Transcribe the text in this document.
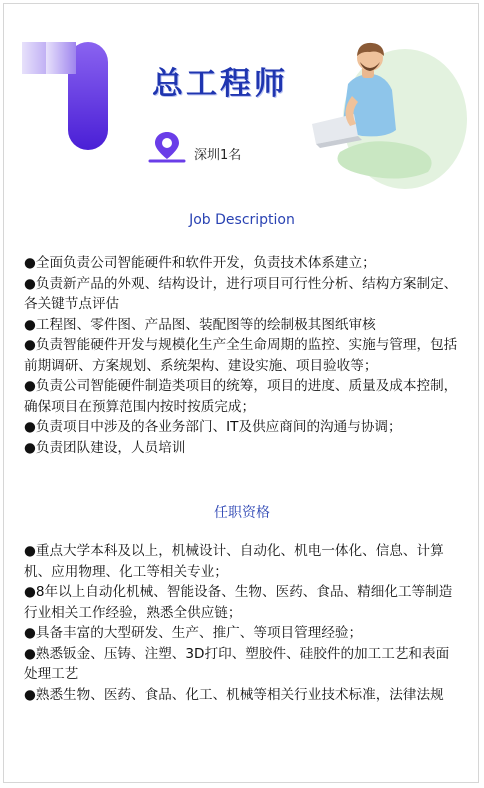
总工程师
深圳1名
Job Description
●全面负责公司智能硬件和软件开发，负责技术体系建立；
●负责新产品的外观、结构设计，进行项目可行性分析、结构方案制定、各关键节点评估
●工程图、零件图、产品图、装配图等的绘制极其图纸审核
●负责智能硬件开发与规模化生产全生命周期的监控、实施与管理，包括前期调研、方案规划、系统架构、建设实施、项目验收等；
●负责公司智能硬件制造类项目的统筹，项目的进度、质量及成本控制，确保项目在预算范围内按时按质完成；
●负责项目中涉及的各业务部门、IT及供应商间的沟通与协调；
●负责团队建设，人员培训
任职资格
●重点大学本科及以上，机械设计、自动化、机电一体化、信息、计算机、应用物理、化工等相关专业；
●8年以上自动化机械、智能设备、生物、医药、食品、精细化工等制造行业相关工作经验，熟悉全供应链；
●具备丰富的大型研发、生产、推广、等项目管理经验；
●熟悉钣金、压铸、注塑、3D打印、塑胶件、硅胶件的加工工艺和表面处理工艺
●熟悉生物、医药、食品、化工、机械等相关行业技术标准，法律法规
